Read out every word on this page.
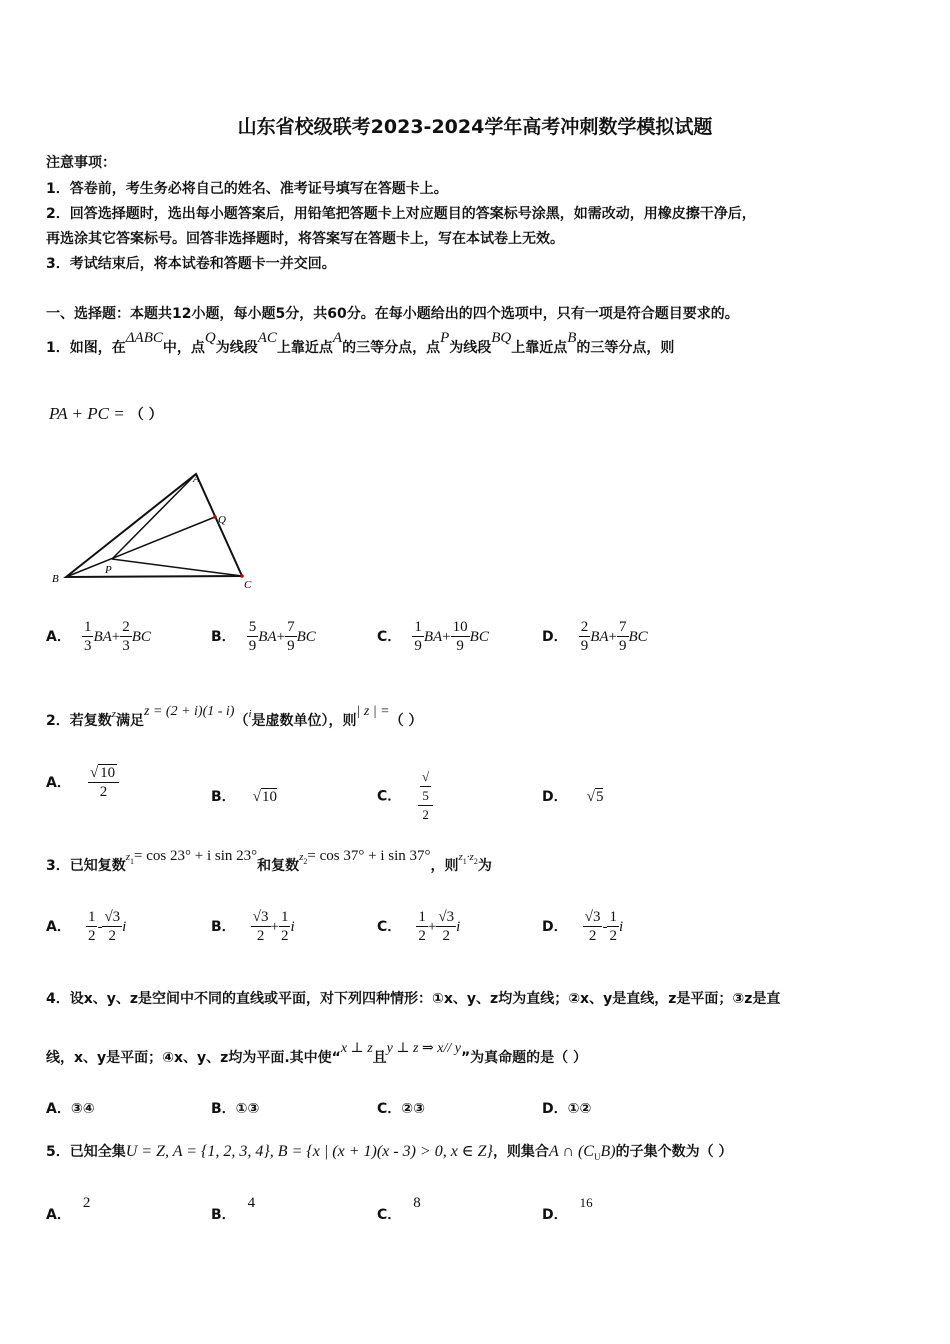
山东省校级联考2023-2024学年高考冲刺数学模拟试题
注意事项：
1．答卷前，考生务必将自己的姓名、准考证号填写在答题卡上。
2．回答选择题时，选出每小题答案后，用铅笔把答题卡上对应题目的答案标号涂黑，如需改动，用橡皮擦干净后，
再选涂其它答案标号。回答非选择题时，将答案写在答题卡上，写在本试卷上无效。
3．考试结束后，将本试卷和答题卡一并交回。
一、选择题：本题共12小题，每小题5分，共60分。在每小题给出的四个选项中，只有一项是符合题目要求的。
1．如图，在ΔABC中，点Q为线段AC上靠近点A的三等分点，点P为线段BQ上靠近点B的三等分点，则
PA + PC = （ ）
A
B	C
P
Q
A． $\frac{1}{3} BA+ \frac{2}{3}$ BC	B． $\frac{5}{9} BA+ \frac{7}{9}$ BC	C． $\frac{1}{9} BA+ \frac{10}{9}$ BC	D． $\frac{2}{9} BA+ \frac{7}{9}$ BC
2．若复数$^z$满足z = (2 + i)(1 - i)（$^i$是虚数单位），则| z | =（ ）
A． $\frac{√ 10}{2}$	B． √10	C． √
5
2	D． √5
3．已知复数$z_1= \cos 23^\circ + i$ sin 23°和复数$z_2= \cos 37^\circ + i$ sin 37°，则$z_1\cdot z_2$为
A． $\frac{1}{2} - \frac{√3}{2}$ i	B． $\frac{√3}{2} + \frac{1}{2}$ i	C． $\frac{1}{2} + \frac{√3}{2}$ i	D． $\frac{√3}{2} - \frac{1}{2}$ i
4．设x、y、z是空间中不同的直线或平面，对下列四种情形：①x、y、z均为直线；②x、y是直线，z是平面；③z是直
线，x、y是平面；④x、y、z均为平面.其中使“x ⊥ z且y ⊥ z ⇒ x// y”为真命题的是（ ）
A．③④	B．①③	C．②③	D．①②
5．已知全集U = Z, A = {1, 2, 3, 4}, B = {x | (x + 1)(x - 3) > 0, x ∈ Z}，则集合A ∩ $(C_UB)$的子集个数为（ ）
A．2
B．4
C．8
D．16
